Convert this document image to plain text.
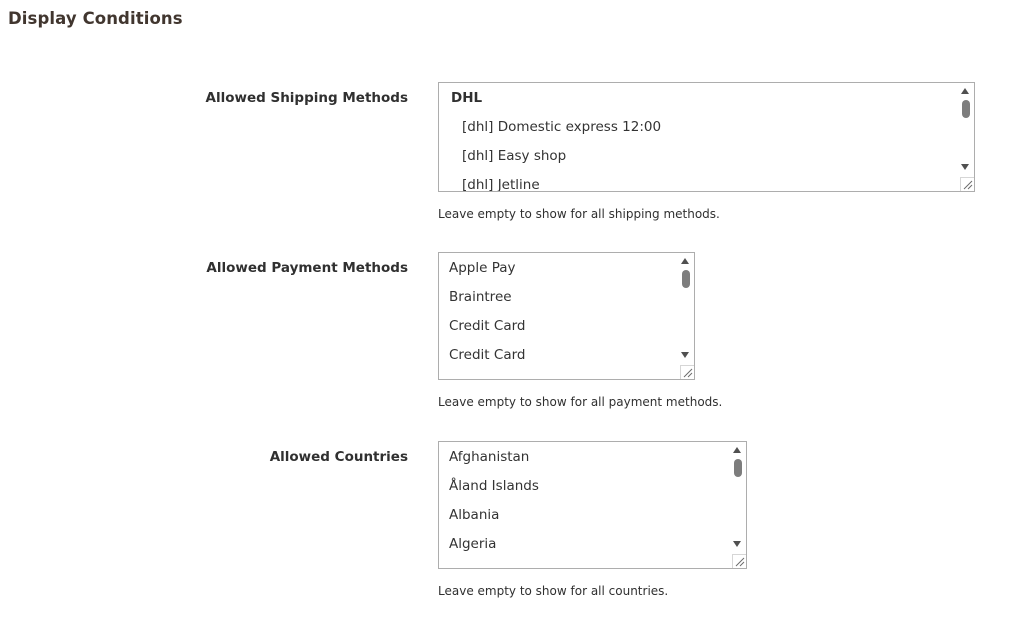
Display Conditions
Allowed Shipping Methods	DHL
[dhl] Domestic express 12:00
[dhl] Easy shop
[dhl] Jetline
Leave empty to show for all shipping methods.
Allowed Payment Methods	Apple Pay
Braintree
Credit Card
Credit Card
Leave empty to show for all payment methods.
Allowed Countries	Afghanistan
Åland Islands
Albania
Algeria
Leave empty to show for all countries.
